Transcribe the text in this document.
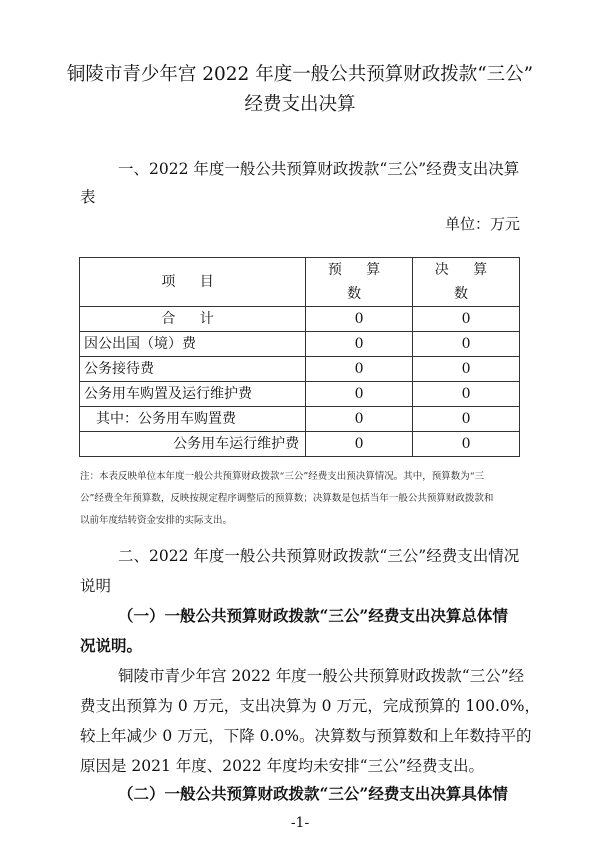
铜陵市青少年宫 2022 年度一般公共预算财政拨款“三公”
经费支出决算
一、2022 年度一般公共预算财政拨款“三公”经费支出决算
表
单位：万元
项 目	预 算 数	决 算 数
合 计	0	0
因公出国（境）费	0	0
公务接待费	0	0
公务用车购置及运行维护费	0	0
其中：公务用车购置费	0	0
公务用车运行维护费	0	0
注：本表反映单位本年度一般公共预算财政拨款“三公”经费支出预决算情况。其中，预算数为“三
公”经费全年预算数，反映按规定程序调整后的预算数；决算数是包括当年一般公共预算财政拨款和
以前年度结转资金安排的实际支出。
二、2022 年度一般公共预算财政拨款“三公”经费支出情况
说明
（一）一般公共预算财政拨款“三公”经费支出决算总体情
况说明。
铜陵市青少年宫 2022 年度一般公共预算财政拨款“三公”经
费支出预算为 0 万元，支出决算为 0 万元，完成预算的 100.0%，
较上年减少 0 万元，下降 0.0%。决算数与预算数和上年数持平的
原因是 2021 年度、2022 年度均未安排“三公”经费支出。
（二）一般公共预算财政拨款“三公”经费支出决算具体情
-1-
